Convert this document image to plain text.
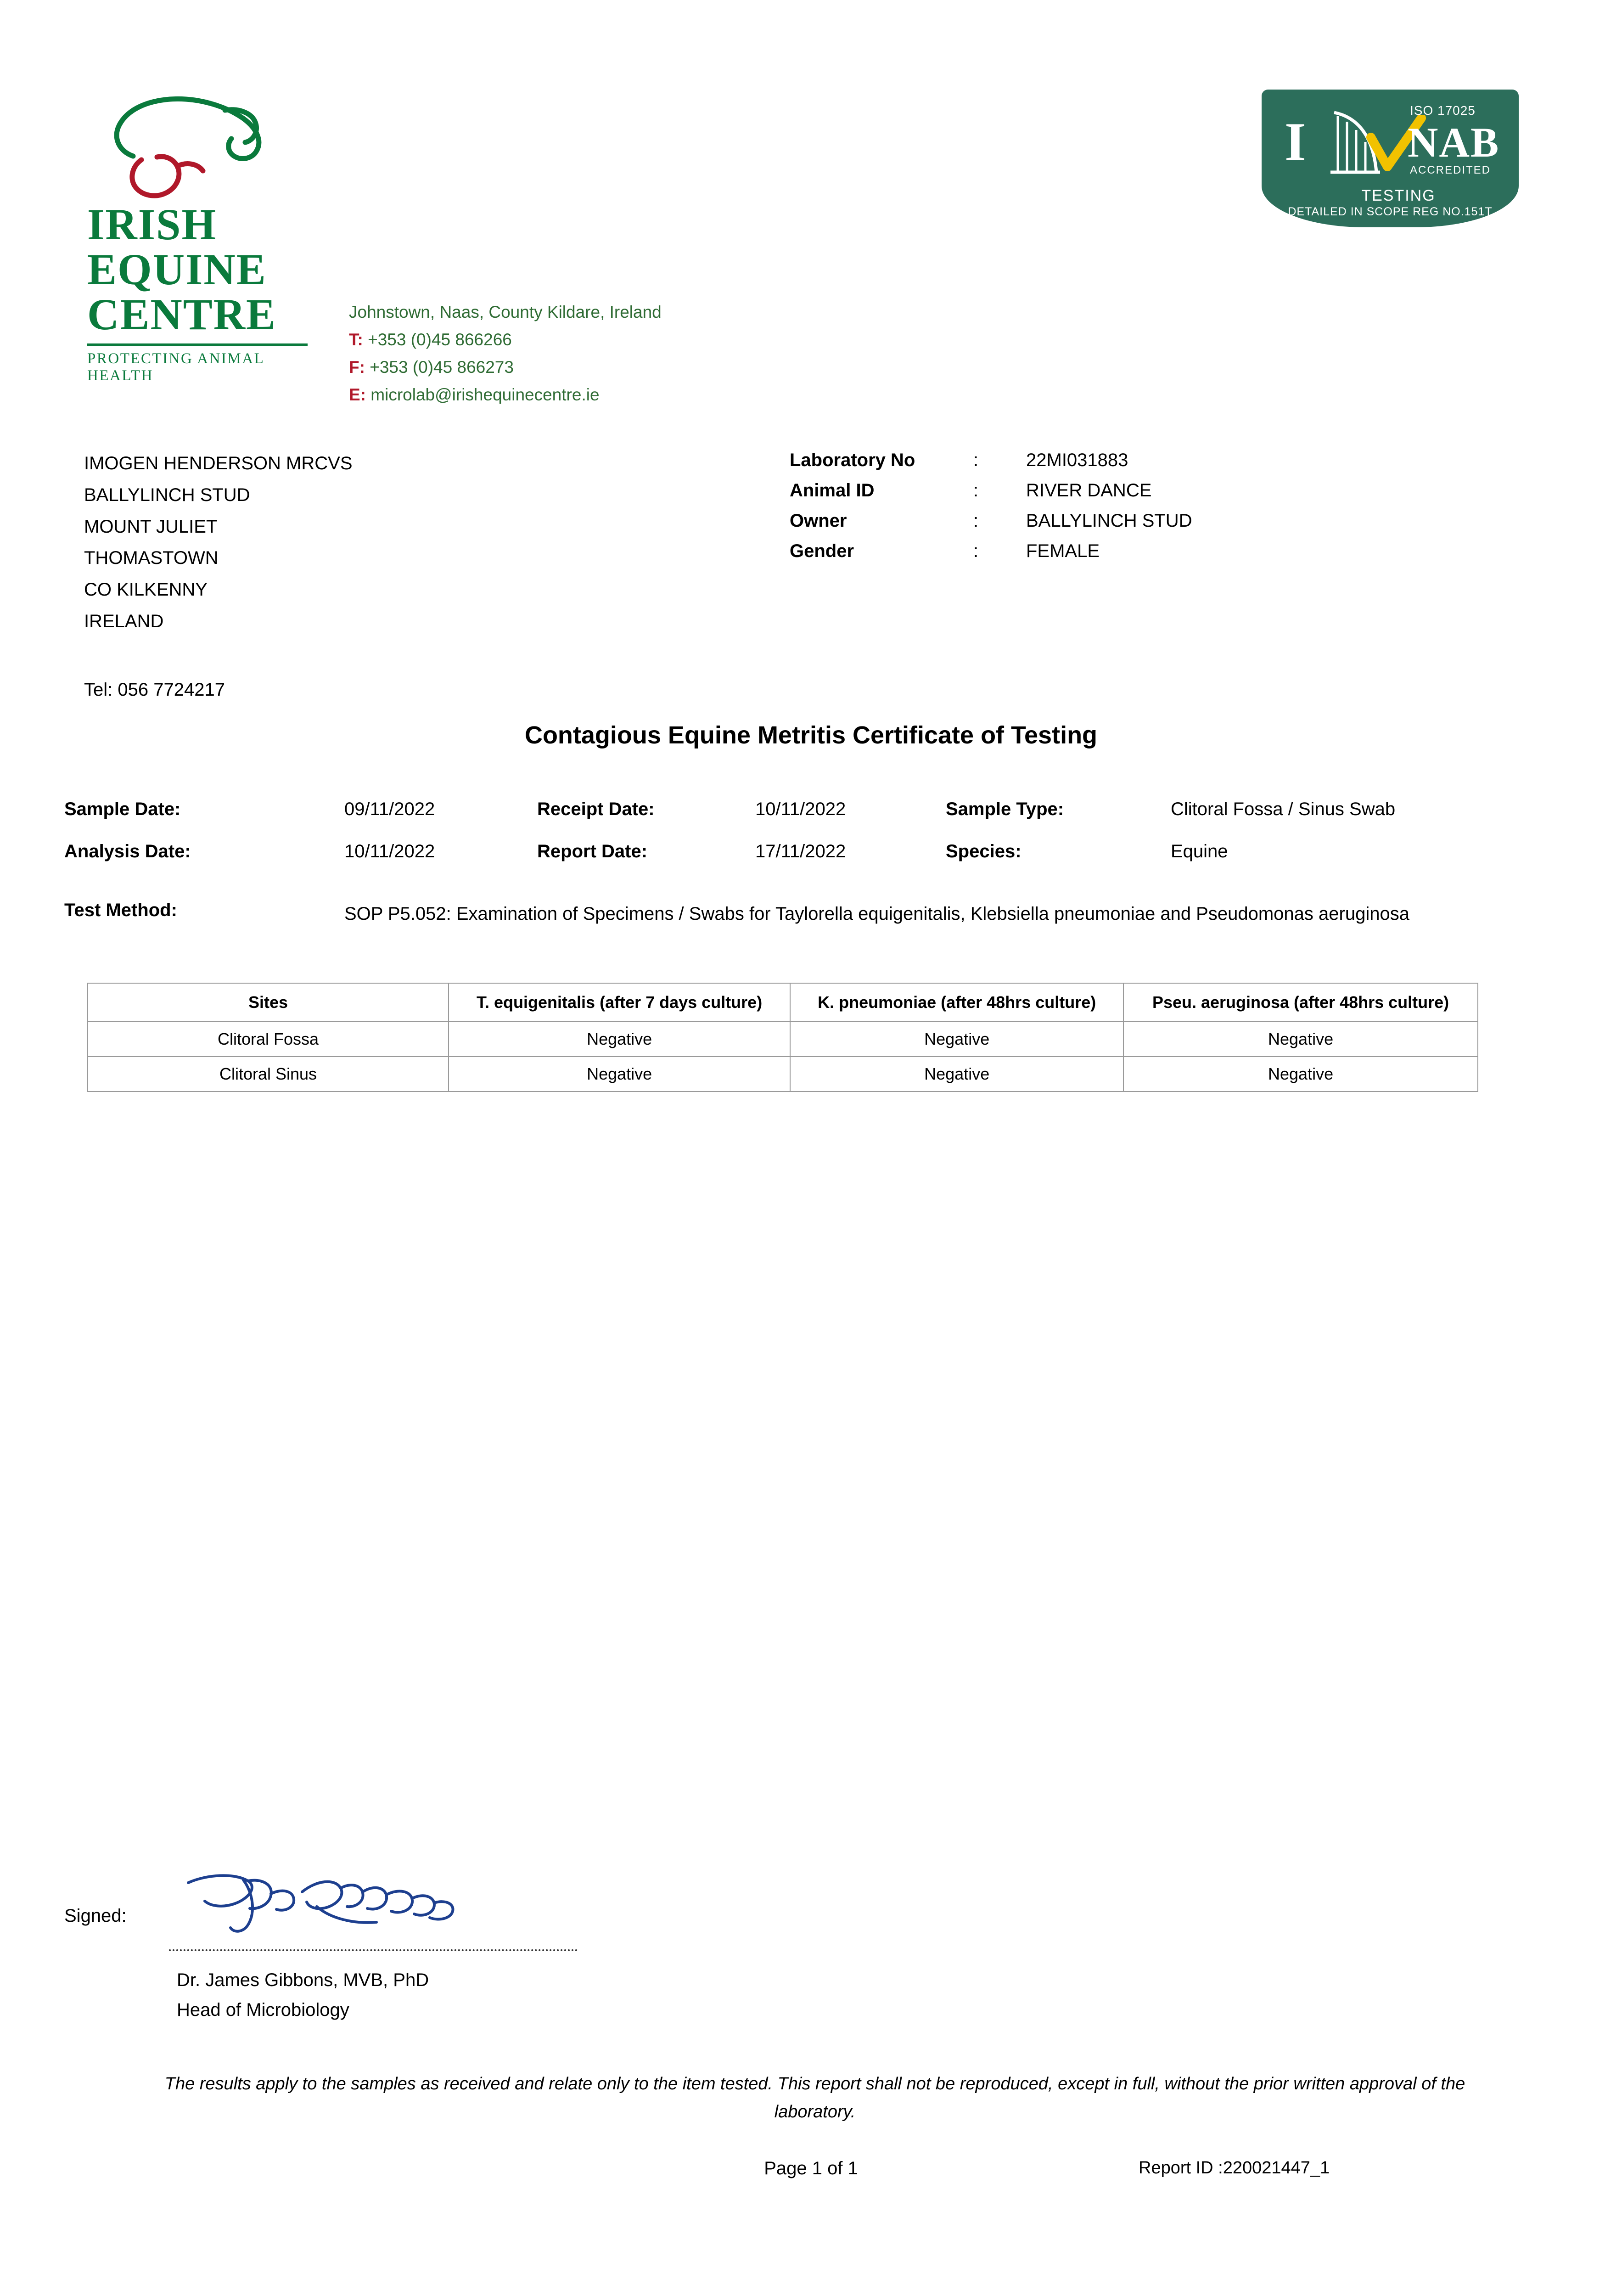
IRISH
EQUINE
CENTRE
PROTECTING ANIMAL HEALTH
Johnstown, Naas, County Kildare, Ireland
T: +353 (0)45 866266
F: +353 (0)45 866273
E: microlab@irishequinecentre.ie
I
ISO 17025
NAB
ACCREDITED
TESTING
DETAILED IN SCOPE REG NO.151T
IMOGEN HENDERSON MRCVS
BALLYLINCH STUD
MOUNT JULIET
THOMASTOWN
CO KILKENNY
IRELAND
Tel: 056 7724217
Laboratory No	:	22MI031883
Animal ID	:	RIVER DANCE
Owner	:	BALLYLINCH STUD
Gender	:	FEMALE
Contagious Equine Metritis Certificate of Testing
Sample Date:	09/11/2022	Receipt Date:	10/11/2022	Sample Type:	Clitoral Fossa / Sinus Swab
Analysis Date:	10/11/2022	Report Date:	17/11/2022	Species:	Equine
Test Method:	SOP P5.052: Examination of Specimens / Swabs for Taylorella equigenitalis, Klebsiella pneumoniae and Pseudomonas aeruginosa
Sites	T. equigenitalis (after 7 days culture)	K. pneumoniae (after 48hrs culture)	Pseu. aeruginosa (after 48hrs culture)
Clitoral Fossa	Negative	Negative	Negative
Clitoral Sinus	Negative	Negative	Negative
Signed:
Dr. James Gibbons, MVB, PhD
Head of Microbiology
The results apply to the samples as received and relate only to the item tested. This report shall not be reproduced, except in full, without the prior written approval of the laboratory.
Page 1 of 1	Report ID :220021447_1
